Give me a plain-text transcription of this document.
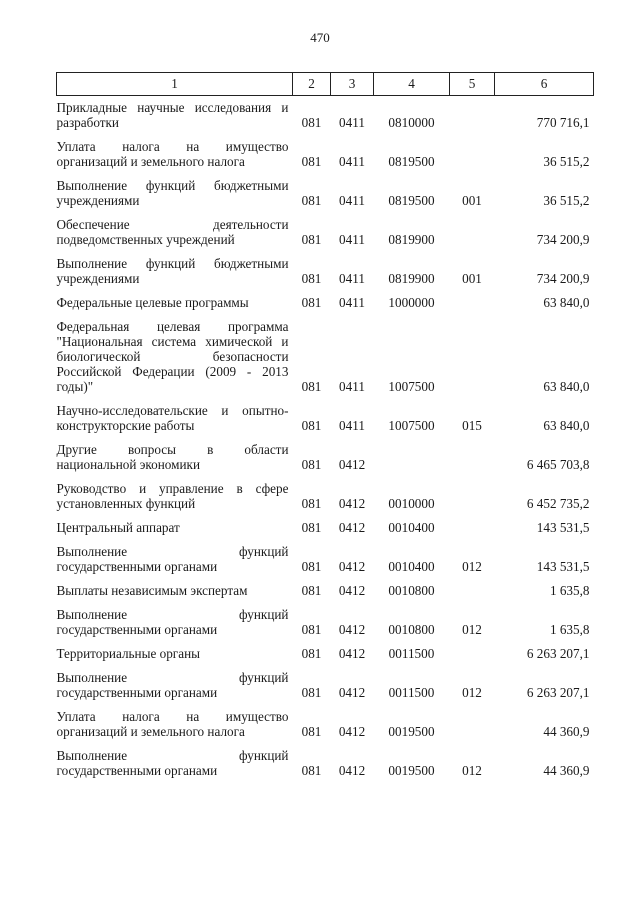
470
1	2	3	4	5	6

Прикладные научные исследования и
разработки	081	0411	0810000		770 716,1

Уплата налога на имущество
организаций и земельного налога	081	0411	0819500		36 515,2

Выполнение функций бюджетными
учреждениями	081	0411	0819500	001	36 515,2

Обеспечение деятельности
подведомственных учреждений	081	0411	0819900		734 200,9

Выполнение функций бюджетными
учреждениями	081	0411	0819900	001	734 200,9

Федеральные целевые программы	081	0411	1000000		63 840,0

Федеральная целевая программа
"Национальная система химической и
биологической безопасности
Российской Федерации (2009 - 2013
годы)"	081	0411	1007500		63 840,0

Научно-исследовательские и опытно-
конструкторские работы	081	0411	1007500	015	63 840,0

Другие вопросы в области
национальной экономики	081	0412			6 465 703,8

Руководство и управление в сфере
установленных функций	081	0412	0010000		6 452 735,2

Центральный аппарат	081	0412	0010400		143 531,5

Выполнение функций
государственными органами	081	0412	0010400	012	143 531,5

Выплаты независимым экспертам	081	0412	0010800		1 635,8

Выполнение функций
государственными органами	081	0412	0010800	012	1 635,8

Территориальные органы	081	0412	0011500		6 263 207,1

Выполнение функций
государственными органами	081	0412	0011500	012	6 263 207,1

Уплата налога на имущество
организаций и земельного налога	081	0412	0019500		44 360,9

Выполнение функций
государственными органами	081	0412	0019500	012	44 360,9
